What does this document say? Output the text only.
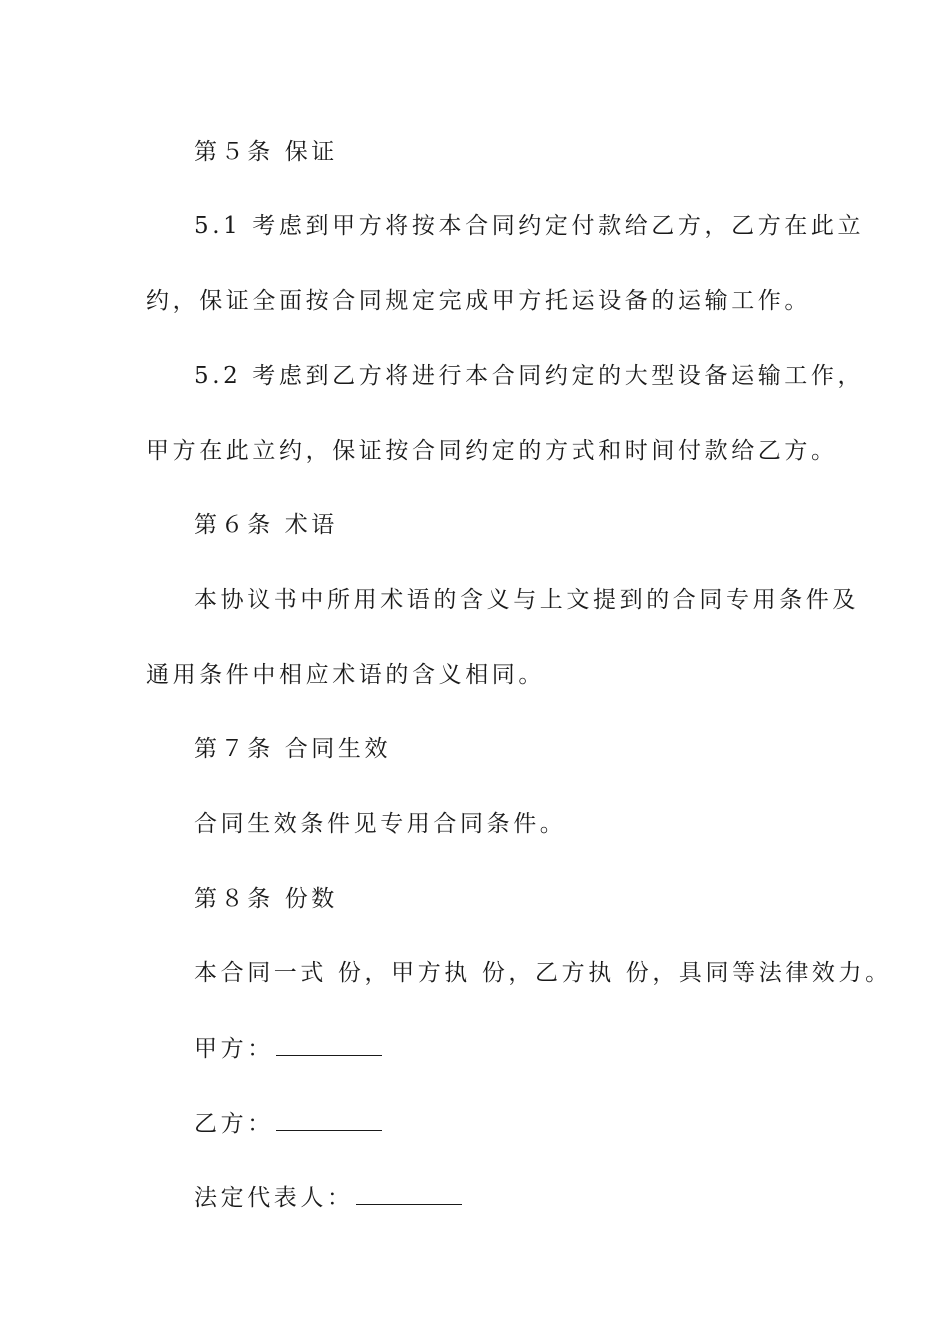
第５条 保证

5.1 考虑到甲方将按本合同约定付款给乙方，乙方在此立

约，保证全面按合同规定完成甲方托运设备的运输工作。

5.2 考虑到乙方将进行本合同约定的大型设备运输工作，

甲方在此立约，保证按合同约定的方式和时间付款给乙方。

第６条 术语

本协议书中所用术语的含义与上文提到的合同专用条件及

通用条件中相应术语的含义相同。

第７条 合同生效

合同生效条件见专用合同条件。

第８条 份数

本合同一式 份，甲方执 份，乙方执 份，具同等法律效力。

甲方：

乙方：

法定代表人：
